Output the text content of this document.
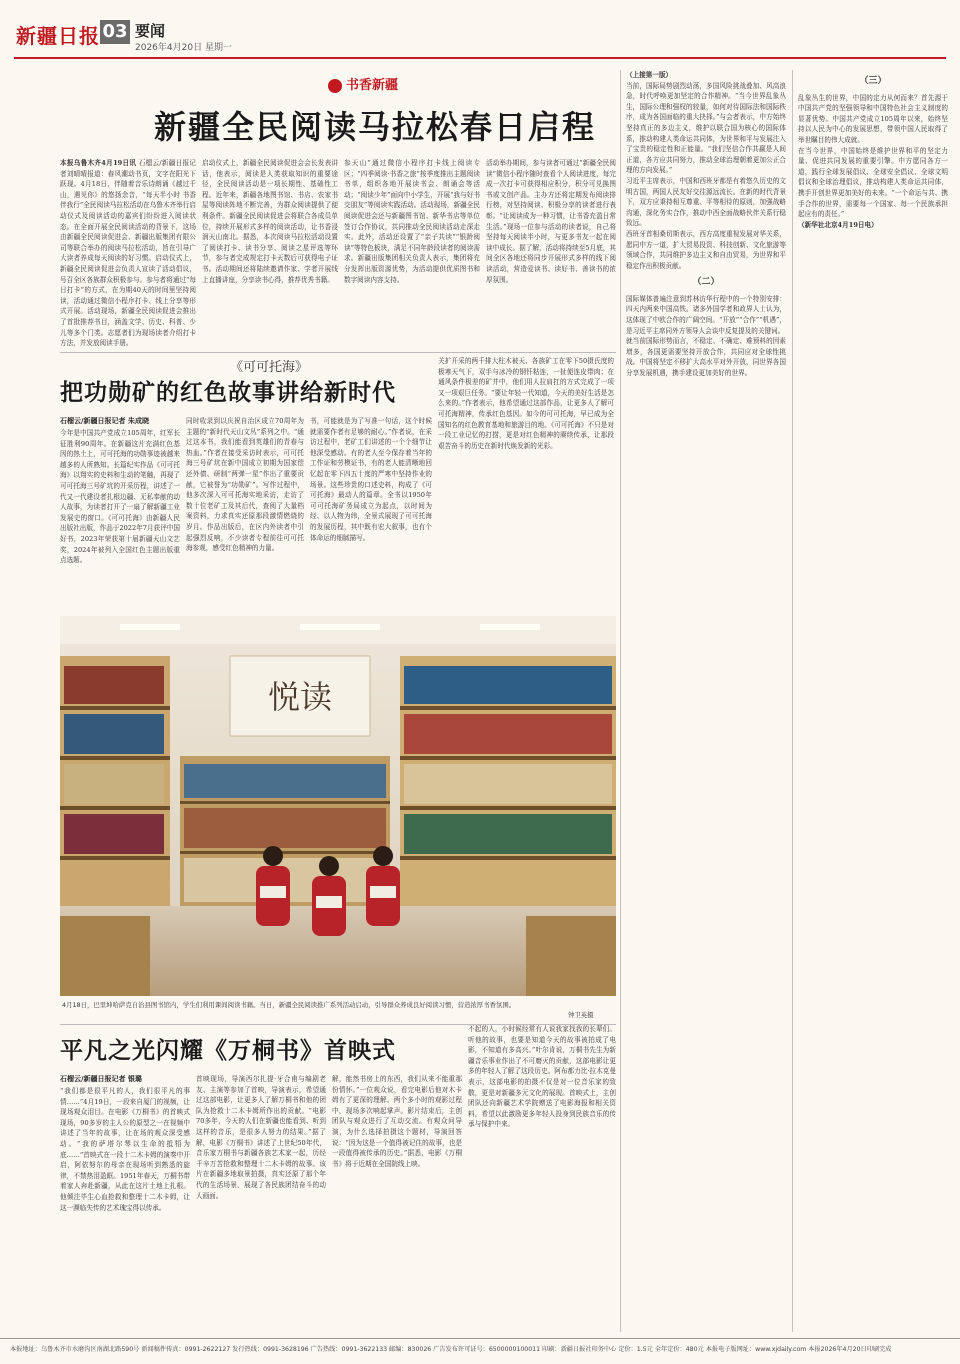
新疆日报 03 要闻
2026年4月20日 星期一
书香新疆
新疆全民阅读马拉松春日启程
本报乌鲁木齐4月19日讯 石榴云/新疆日报记者刘晴晴报道：春风潮动书页，文字在阳光下跃现。4月18日，伴随着音乐诗朗诵《越过千山，遇见你》的悠扬余音，“每天半小时 书香伴我行”全民阅读马拉松活动在乌鲁木齐举行启动仪式及阅读活动的嘉宾们纷纷进入阅读状态。在全面开展全民阅读活动的背景下，这场由新疆全民阅读促进会、新疆出版集团有限公司等联合举办的阅读马拉松活动，旨在引导广大读者养成每天阅读的好习惯。启动仪式上，新疆全民阅读促进会负责人宣读了活动倡议，号召全区各族群众积极参与。参与者将通过“每日打卡”的方式，在为期40天的时间里坚持阅读，活动通过微信小程序打卡、线上分享等形式开展。活动现场，新疆全民阅读促进会推出了首批推荐书目，涵盖文学、历史、科普、少儿等多个门类。志愿者们为现场读者介绍打卡方法，并发放阅读手册。
启动仪式上，新疆全民阅读促进会会长发表讲话，他表示，阅读是人类获取知识的重要途径，全民阅读活动是一项长期性、基础性工程。近年来，新疆各地图书馆、书店、农家书屋等阅读阵地不断完善，为群众阅读提供了便利条件。新疆全民阅读促进会将联合各成员单位，持续开展形式多样的阅读活动，让书香浸润天山南北。据悉，本次阅读马拉松活动设置了阅读打卡、读书分享、阅读之星评选等环节，参与者完成规定打卡天数后可获得电子证书。活动期间还将陆续邀请作家、学者开展线上直播讲座，分享读书心得，推荐优秀书籍。
参天山”通过微信小程序打卡线上阅读专区；“四季阅读·书香之旅”按季度推出主题阅读书单，组织各地开展读书会、朗诵会等活动；“阅读少年”面向中小学生，开展“我与好书交朋友”等阅读实践活动。活动现场，新疆全民阅读促进会还与新疆图书馆、新华书店等单位签订合作协议，共同推动全民阅读活动走深走实。此外，活动还设置了“亲子共读”“银龄阅读”等特色板块，满足不同年龄段读者的阅读需求。新疆出版集团相关负责人表示，集团将充分发挥出版资源优势，为活动提供优质图书和数字阅读内容支持。
活动举办期间，参与读者可通过“新疆全民阅读”微信小程序随时查看个人阅读进度，每完成一次打卡可获得相应积分，积分可兑换图书或文创产品。主办方还将定期发布阅读排行榜，对坚持阅读、积极分享的读者进行表彰。“让阅读成为一种习惯，让书香充盈日常生活。”现场一位参与活动的读者说，自己将坚持每天阅读半小时，与更多书友一起在阅读中成长。据了解，活动将持续至5月底，其间全区各地还将同步开展形式多样的线下阅读活动，营造爱读书、读好书、善读书的浓厚氛围。
《可可托海》
把功勋矿的红色故事讲给新时代
石榴云/新疆日报记者 朱成晓
今年是中国共产党成立105周年，红军长征胜利90周年。在新疆这片充满红色基因的热土上，可可托海的功勋事迹被越来越多的人所熟知。长篇纪实作品《可可托海》以翔实的史料和生动的笔触，再现了可可托海三号矿坑的开采历程，讲述了一代又一代建设者扎根边疆、无私奉献的动人故事，为读者打开了一扇了解新疆工业发展史的窗口。《可可托海》由新疆人民出版社出版，作品于2022年7月获评中国好书，2023年荣获第十届新疆天山文艺奖，2024年被列入全国红色主题出版重点选题。
同时收录到以庆祝自治区成立70周年为主题的“新时代天山文丛”系列之中。“通过这本书，我们能看到英雄们的青春与热血。”作者在接受采访时表示，可可托海三号矿坑在新中国成立初期为国家偿还外债、研制“两弹一星”作出了重要贡献，它被誉为“功勋矿”。写作过程中，他多次深入可可托海实地采访，走访了数十位老矿工及其后代，查阅了大量档案资料，力求真实还原那段激情燃烧的岁月。作品出版后，在区内外读者中引起强烈反响，不少读者专程前往可可托海参观，感受红色精神的力量。
书，可能就是为了写准一句话，这个时候就需要作者有足够的耐心。”作者说，在采访过程中，老矿工们讲述的一个个细节让他深受感动。有的老人至今保存着当年的工作证和劳模证书，有的老人能清晰地回忆起在零下四五十度的严寒中坚持作业的场景。这些珍贵的口述史料，构成了《可可托海》最动人的篇章。全书以1950年可可托海矿务局成立为起点，以时间为经、以人物为纬，全景式展现了可可托海的发展历程，其中既有宏大叙事，也有个体命运的细腻描写。
关扩开采的两千排大柱木被天、各族矿工在零下50摄氏度的极寒天气下，双手与冰冷的钢钎粘连，一扯便连皮带肉；在通风条件极差的矿井中，他们用人拉肩扛的方式完成了一项又一项艰巨任务。“要让年轻一代知道，今天的美好生活是怎么来的。”作者表示，他希望通过这部作品，让更多人了解可可托海精神，传承红色基因。如今的可可托海，早已成为全国知名的红色教育基地和旅游目的地。《可可托海》不只是对一段工业记忆的打捞，更是对红色精神的赓续传承，让那段艰苦奋斗的历史在新时代焕发新的光彩。
悦读
4月18日，巴里坤哈萨克自治县图书馆内，学生们利用课间阅读书籍。当日，新疆全民阅读推广系列活动启动，引导群众养成良好阅读习惯，营造浓厚书香氛围。
钟卫英摄
平凡之光闪耀《万桐书》首映式
石榴云/新疆日报记者 银璐
“我们都是很平凡的人，我们很平凡的事情……”4月19日，一段来自厦门的视频，让现场观众泪目。在电影《万桐书》的首映式现场，90多岁的主人公的原型之一在视频中讲述了当年的故事，让在场的观众深受感动。“我的萨塔尔琴以生命的抵牾为底……”首映式在一段十二木卡姆的演奏中开启，阿依努尔的母亲在现场听到熟悉的旋律，不禁热泪盈眶。1951年春天，万桐书带着家人奔赴新疆，从此在这片土地上扎根。他倾注毕生心血抢救和整理十二木卡姆，让这一濒临失传的艺术瑰宝得以传承。
首映现场，导演西尔扎提·牙合甫与编剧老友、主演等参加了首映，导演表示，希望通过这部电影，让更多人了解万桐书和他的团队为抢救十二木卡姆所作出的贡献。“电影70多年，今天的人们在新疆也能看到、听到这样的音乐，是很多人努力的结果。”据了解，电影《万桐书》讲述了上世纪50年代，音乐家万桐书与新疆各族艺术家一起，历经千辛万苦抢救和整理十二木卡姆的故事。该片在新疆多地取景拍摄，真实还原了那个年代的生活场景，展现了各民族团结奋斗的动人画面。
解，能然书房上的东西，我们从来不能重那份情怀。”一位观众说，看完电影后他对木卡姆有了更深的理解。两个多小时的观影过程中，现场多次响起掌声。影片结束后，主创团队与观众进行了互动交流。有观众问导演，为什么选择拍摄这个题材，导演回答说：“因为这是一个值得被记住的故事，也是一段值得被传承的历史。”据悉，电影《万桐书》将于近期在全国院线上映。
不起的人，小时候经常有人说我家找我的长辈们。听他的故事，也要是知道今天的故事被拍成了电影，不知道有多高兴。”叶尔肯说，万桐书先生为新疆音乐事业作出了不可磨灭的贡献，这部电影让更多的年轻人了解了这段历史。阿布都力比·拉木克曼表示，这部电影的拍摄不仅是对一位音乐家的致敬，更是对新疆多元文化的展现。首映式上，主创团队还向新疆艺术学院赠送了电影海报和相关资料，希望以此激励更多年轻人投身到民族音乐的传承与保护中来。
（上接第一版）
当前，国际局势剧烈动荡，多国风险挑战叠加、风高浪急，时代呼唤更加坚定的合作精神。“当今世界乱象丛生，国际公理和强权的较量，如何对待国际法和国际秩序，成为各国面临的重大抉择。”与会者表示，中方始终坚持真正的多边主义，维护以联合国为核心的国际体系，推动构建人类命运共同体，为世界和平与发展注入了宝贵的稳定性和正能量。“我们坚信合作共赢是人间正道，各方应共同努力，推动全球治理朝着更加公正合理的方向发展。”
习近平主席表示，中国和西班牙都是有着悠久历史的文明古国，两国人民友好交往源远流长。在新的时代背景下，双方应秉持相互尊重、平等相待的原则，加强战略沟通，深化务实合作，推动中西全面战略伙伴关系行稳致远。
西班牙首相桑切斯表示，西方高度重视发展对华关系，愿同中方一道，扩大贸易投资、科技创新、文化旅游等领域合作，共同维护多边主义和自由贸易，为世界和平稳定作出积极贡献。
（二）
国际媒体普遍注意到苏林访华行程中的一个特别安排：四天内两来中国高铁。诸多外国学者和政界人士认为，这体现了中欧合作的广阔空间。“开放”“合作”“机遇”，是习近平主席同外方领导人会谈中反复提及的关键词。
就当前国际形势而言，不稳定、不确定、难预料的因素增多，各国更需要坚持开放合作，共同应对全球性挑战。中国将坚定不移扩大高水平对外开放，同世界各国分享发展机遇，携手建设更加美好的世界。
（三）
乱象丛生的世界，中国的定力从何而来？首先源于中国共产党的坚强领导和中国特色社会主义制度的显著优势。中国共产党成立105周年以来，始终坚持以人民为中心的发展思想，带领中国人民取得了举世瞩目的伟大成就。
在当今世界，中国始终是维护世界和平的坚定力量、促进共同发展的重要引擎。中方愿同各方一道，践行全球发展倡议、全球安全倡议、全球文明倡议和全球治理倡议，推动构建人类命运共同体，携手开创世界更加美好的未来。“一个命运与共、携手合作的世界，需要每一个国家、每一个民族承担起应有的责任。”
（新华社北京4月19日电）
本报地址：乌鲁木齐市水磨沟区南湖北路590号 新闻稿件传真：0991-2622127 发行热线：0991-3628196 广告热线：0991-3622133 邮编：830026 广告发布许可证号：6500000100011 印刷：新疆日报社印务中心 定价：1.5元 全年定价：480元 本报电子版网址：www.xjdaily.com 本报2026年4月20日印刷完成
